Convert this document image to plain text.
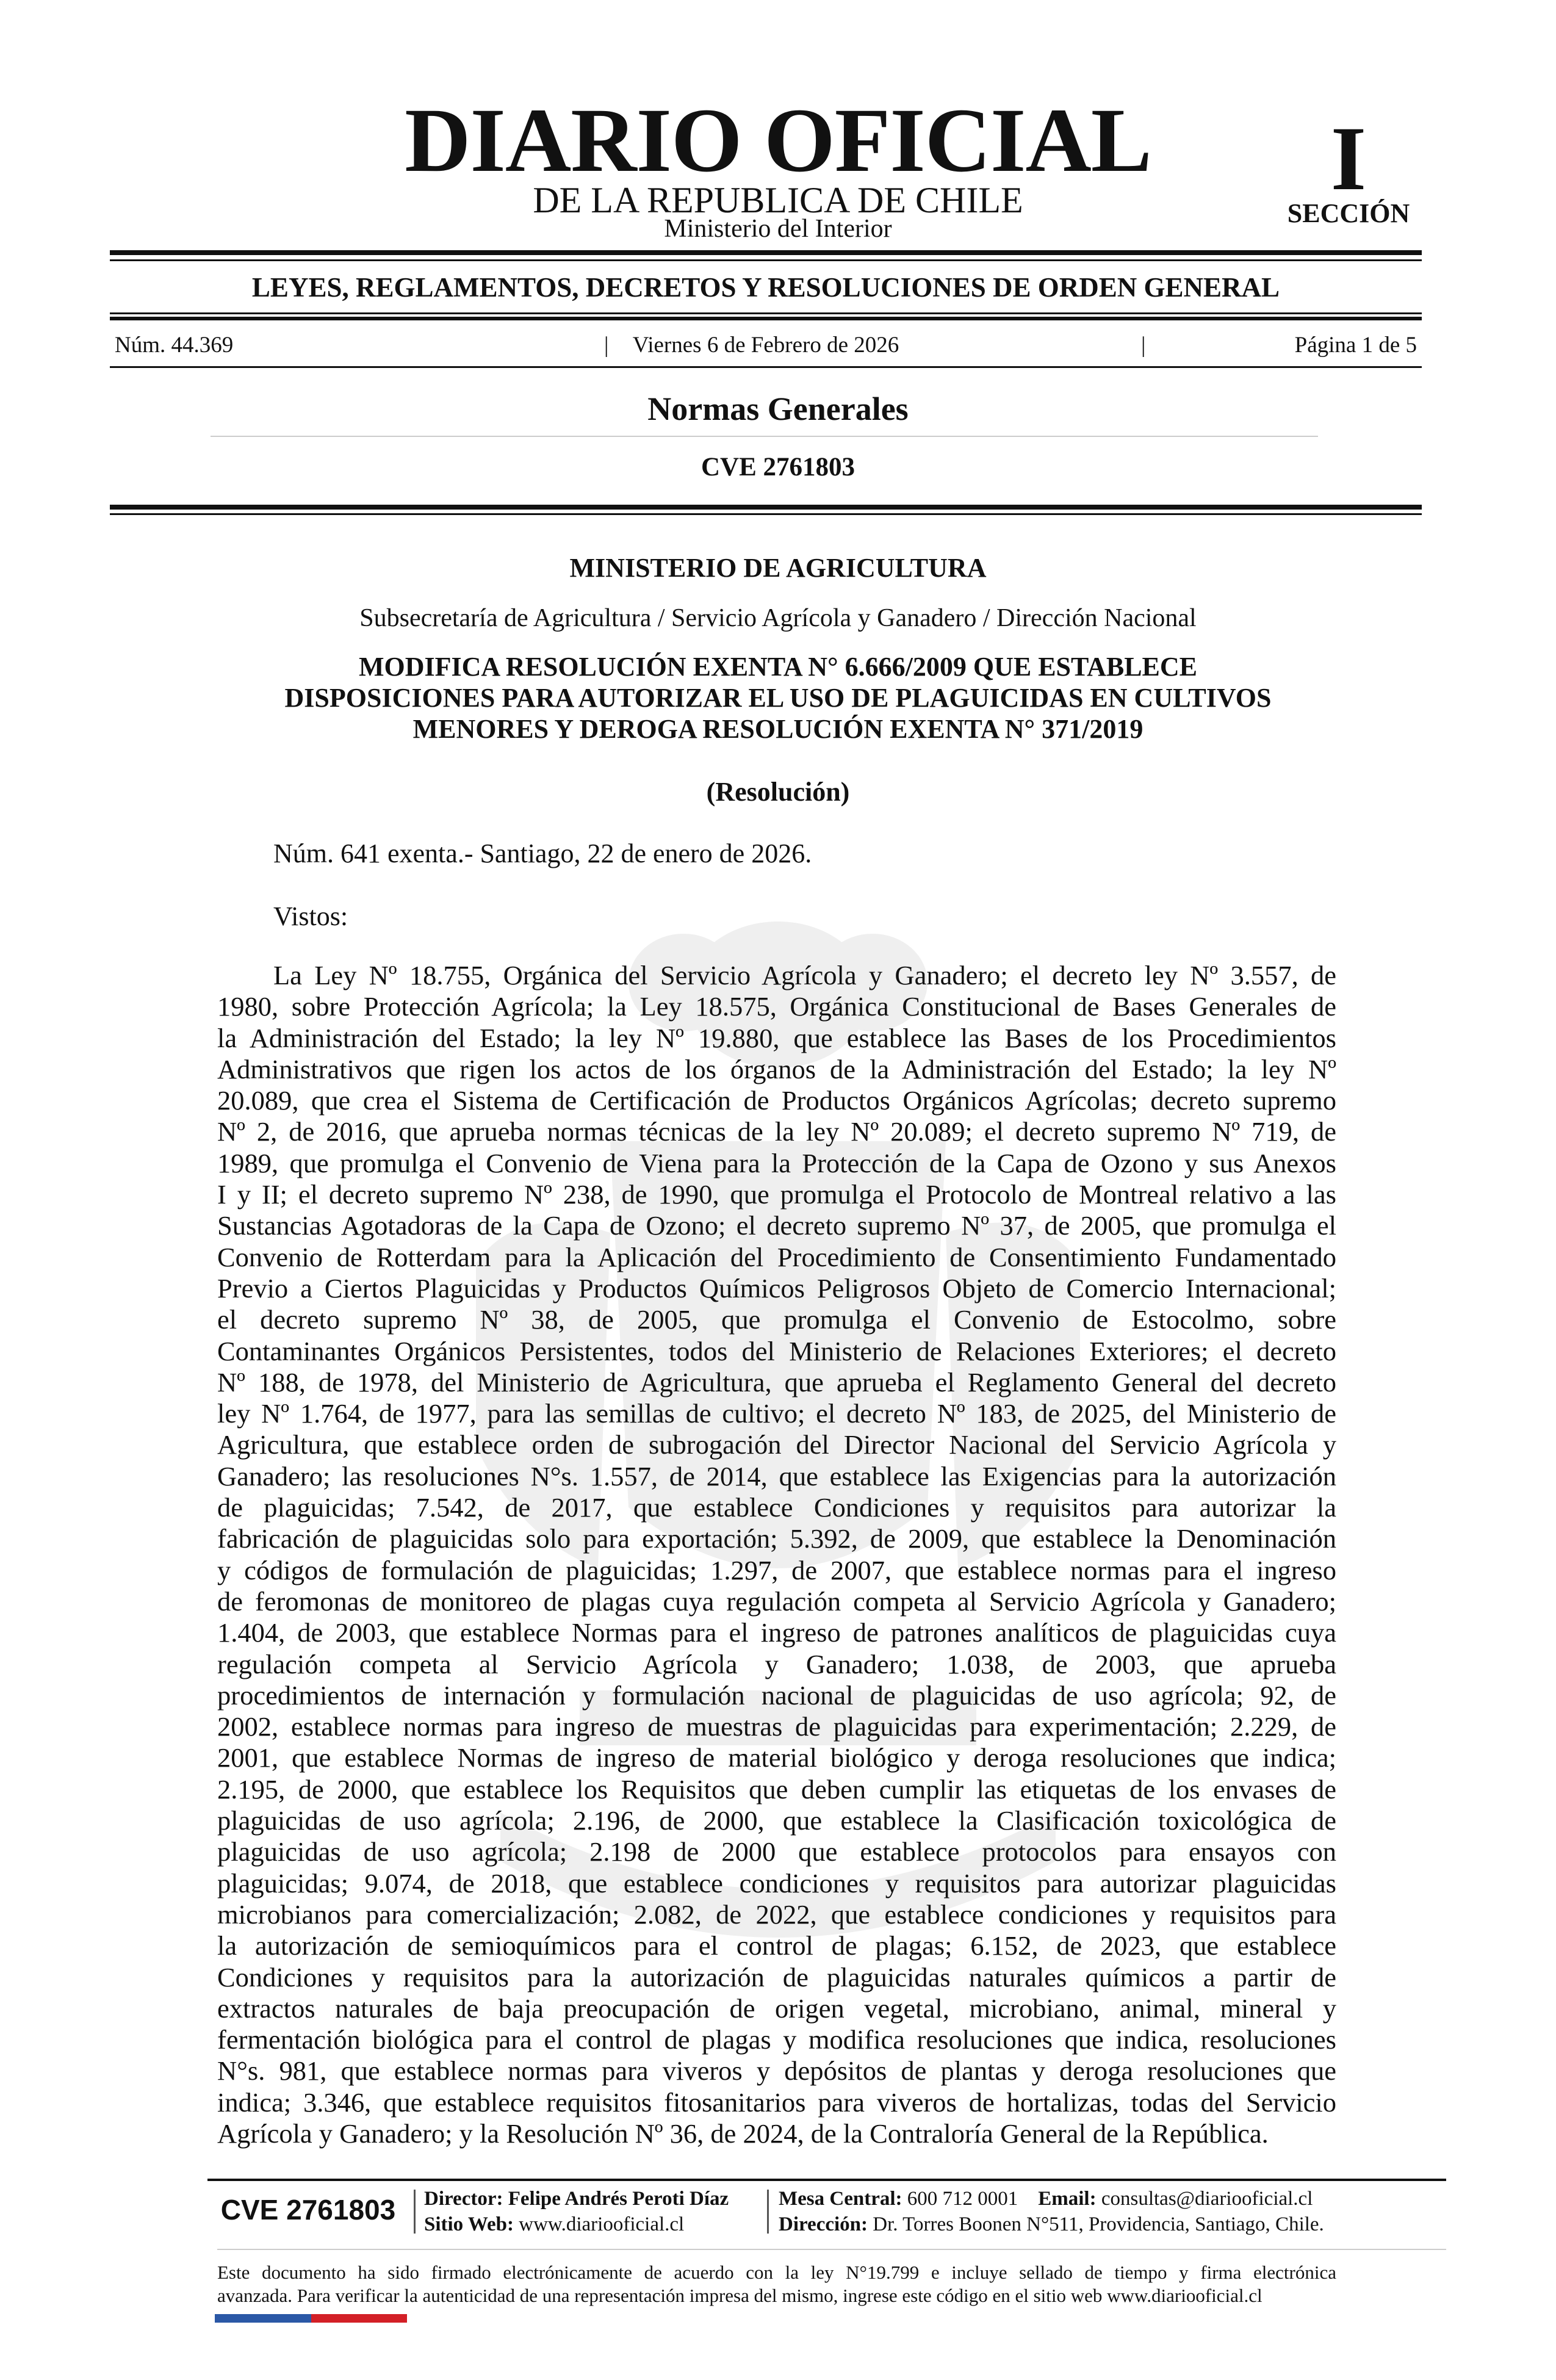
DIARIO OFICIAL
DE LA REPUBLICA DE CHILE
Ministerio del Interior
I
SECCIÓN
LEYES, REGLAMENTOS, DECRETOS Y RESOLUCIONES DE ORDEN GENERAL
Viernes 6 de Febrero de 2026
Núm. 44.369	|	|	Página 1 de 5
Normas Generales
CVE 2761803
MINISTERIO DE AGRICULTURA
Subsecretaría de Agricultura / Servicio Agrícola y Ganadero / Dirección Nacional
MODIFICA RESOLUCIÓN EXENTA N° 6.666/2009 QUE ESTABLECE
DISPOSICIONES PARA AUTORIZAR EL USO DE PLAGUICIDAS EN CULTIVOS
MENORES Y DEROGA RESOLUCIÓN EXENTA N° 371/2019
(Resolución)
Núm. 641 exenta.- Santiago, 22 de enero de 2026.
Vistos:
La Ley Nº 18.755, Orgánica del Servicio Agrícola y Ganadero; el decreto ley Nº 3.557, de
1980, sobre Protección Agrícola; la Ley 18.575, Orgánica Constitucional de Bases Generales de
la Administración del Estado; la ley Nº 19.880, que establece las Bases de los Procedimientos
Administrativos que rigen los actos de los órganos de la Administración del Estado; la ley Nº
20.089, que crea el Sistema de Certificación de Productos Orgánicos Agrícolas; decreto supremo
Nº 2, de 2016, que aprueba normas técnicas de la ley Nº 20.089; el decreto supremo Nº 719, de
1989, que promulga el Convenio de Viena para la Protección de la Capa de Ozono y sus Anexos
I y II; el decreto supremo Nº 238, de 1990, que promulga el Protocolo de Montreal relativo a las
Sustancias Agotadoras de la Capa de Ozono; el decreto supremo Nº 37, de 2005, que promulga el
Convenio de Rotterdam para la Aplicación del Procedimiento de Consentimiento Fundamentado
Previo a Ciertos Plaguicidas y Productos Químicos Peligrosos Objeto de Comercio Internacional;
el decreto supremo Nº 38, de 2005, que promulga el Convenio de Estocolmo, sobre
Contaminantes Orgánicos Persistentes, todos del Ministerio de Relaciones Exteriores; el decreto
Nº 188, de 1978, del Ministerio de Agricultura, que aprueba el Reglamento General del decreto
ley Nº 1.764, de 1977, para las semillas de cultivo; el decreto Nº 183, de 2025, del Ministerio de
Agricultura, que establece orden de subrogación del Director Nacional del Servicio Agrícola y
Ganadero; las resoluciones N°s. 1.557, de 2014, que establece las Exigencias para la autorización
de plaguicidas; 7.542, de 2017, que establece Condiciones y requisitos para autorizar la
fabricación de plaguicidas solo para exportación; 5.392, de 2009, que establece la Denominación
y códigos de formulación de plaguicidas; 1.297, de 2007, que establece normas para el ingreso
de feromonas de monitoreo de plagas cuya regulación competa al Servicio Agrícola y Ganadero;
1.404, de 2003, que establece Normas para el ingreso de patrones analíticos de plaguicidas cuya
regulación competa al Servicio Agrícola y Ganadero; 1.038, de 2003, que aprueba
procedimientos de internación y formulación nacional de plaguicidas de uso agrícola; 92, de
2002, establece normas para ingreso de muestras de plaguicidas para experimentación; 2.229, de
2001, que establece Normas de ingreso de material biológico y deroga resoluciones que indica;
2.195, de 2000, que establece los Requisitos que deben cumplir las etiquetas de los envases de
plaguicidas de uso agrícola; 2.196, de 2000, que establece la Clasificación toxicológica de
plaguicidas de uso agrícola; 2.198 de 2000 que establece protocolos para ensayos con
plaguicidas; 9.074, de 2018, que establece condiciones y requisitos para autorizar plaguicidas
microbianos para comercialización; 2.082, de 2022, que establece condiciones y requisitos para
la autorización de semioquímicos para el control de plagas; 6.152, de 2023, que establece
Condiciones y requisitos para la autorización de plaguicidas naturales químicos a partir de
extractos naturales de baja preocupación de origen vegetal, microbiano, animal, mineral y
fermentación biológica para el control de plagas y modifica resoluciones que indica, resoluciones
N°s. 981, que establece normas para viveros y depósitos de plantas y deroga resoluciones que
indica; 3.346, que establece requisitos fitosanitarios para viveros de hortalizas, todas del Servicio
Agrícola y Ganadero; y la Resolución Nº 36, de 2024, de la Contraloría General de la República.
CVE 2761803	Director: Felipe Andrés Peroti Díaz
Sitio Web: www.diariooficial.cl
Mesa Central: 600 712 0001 Email: consultas@diariooficial.cl
Dirección: Dr. Torres Boonen N°511, Providencia, Santiago, Chile.
Este documento ha sido firmado electrónicamente de acuerdo con la ley N°19.799 e incluye sellado de tiempo y firma electrónica
avanzada. Para verificar la autenticidad de una representación impresa del mismo, ingrese este código en el sitio web www.diariooficial.cl
